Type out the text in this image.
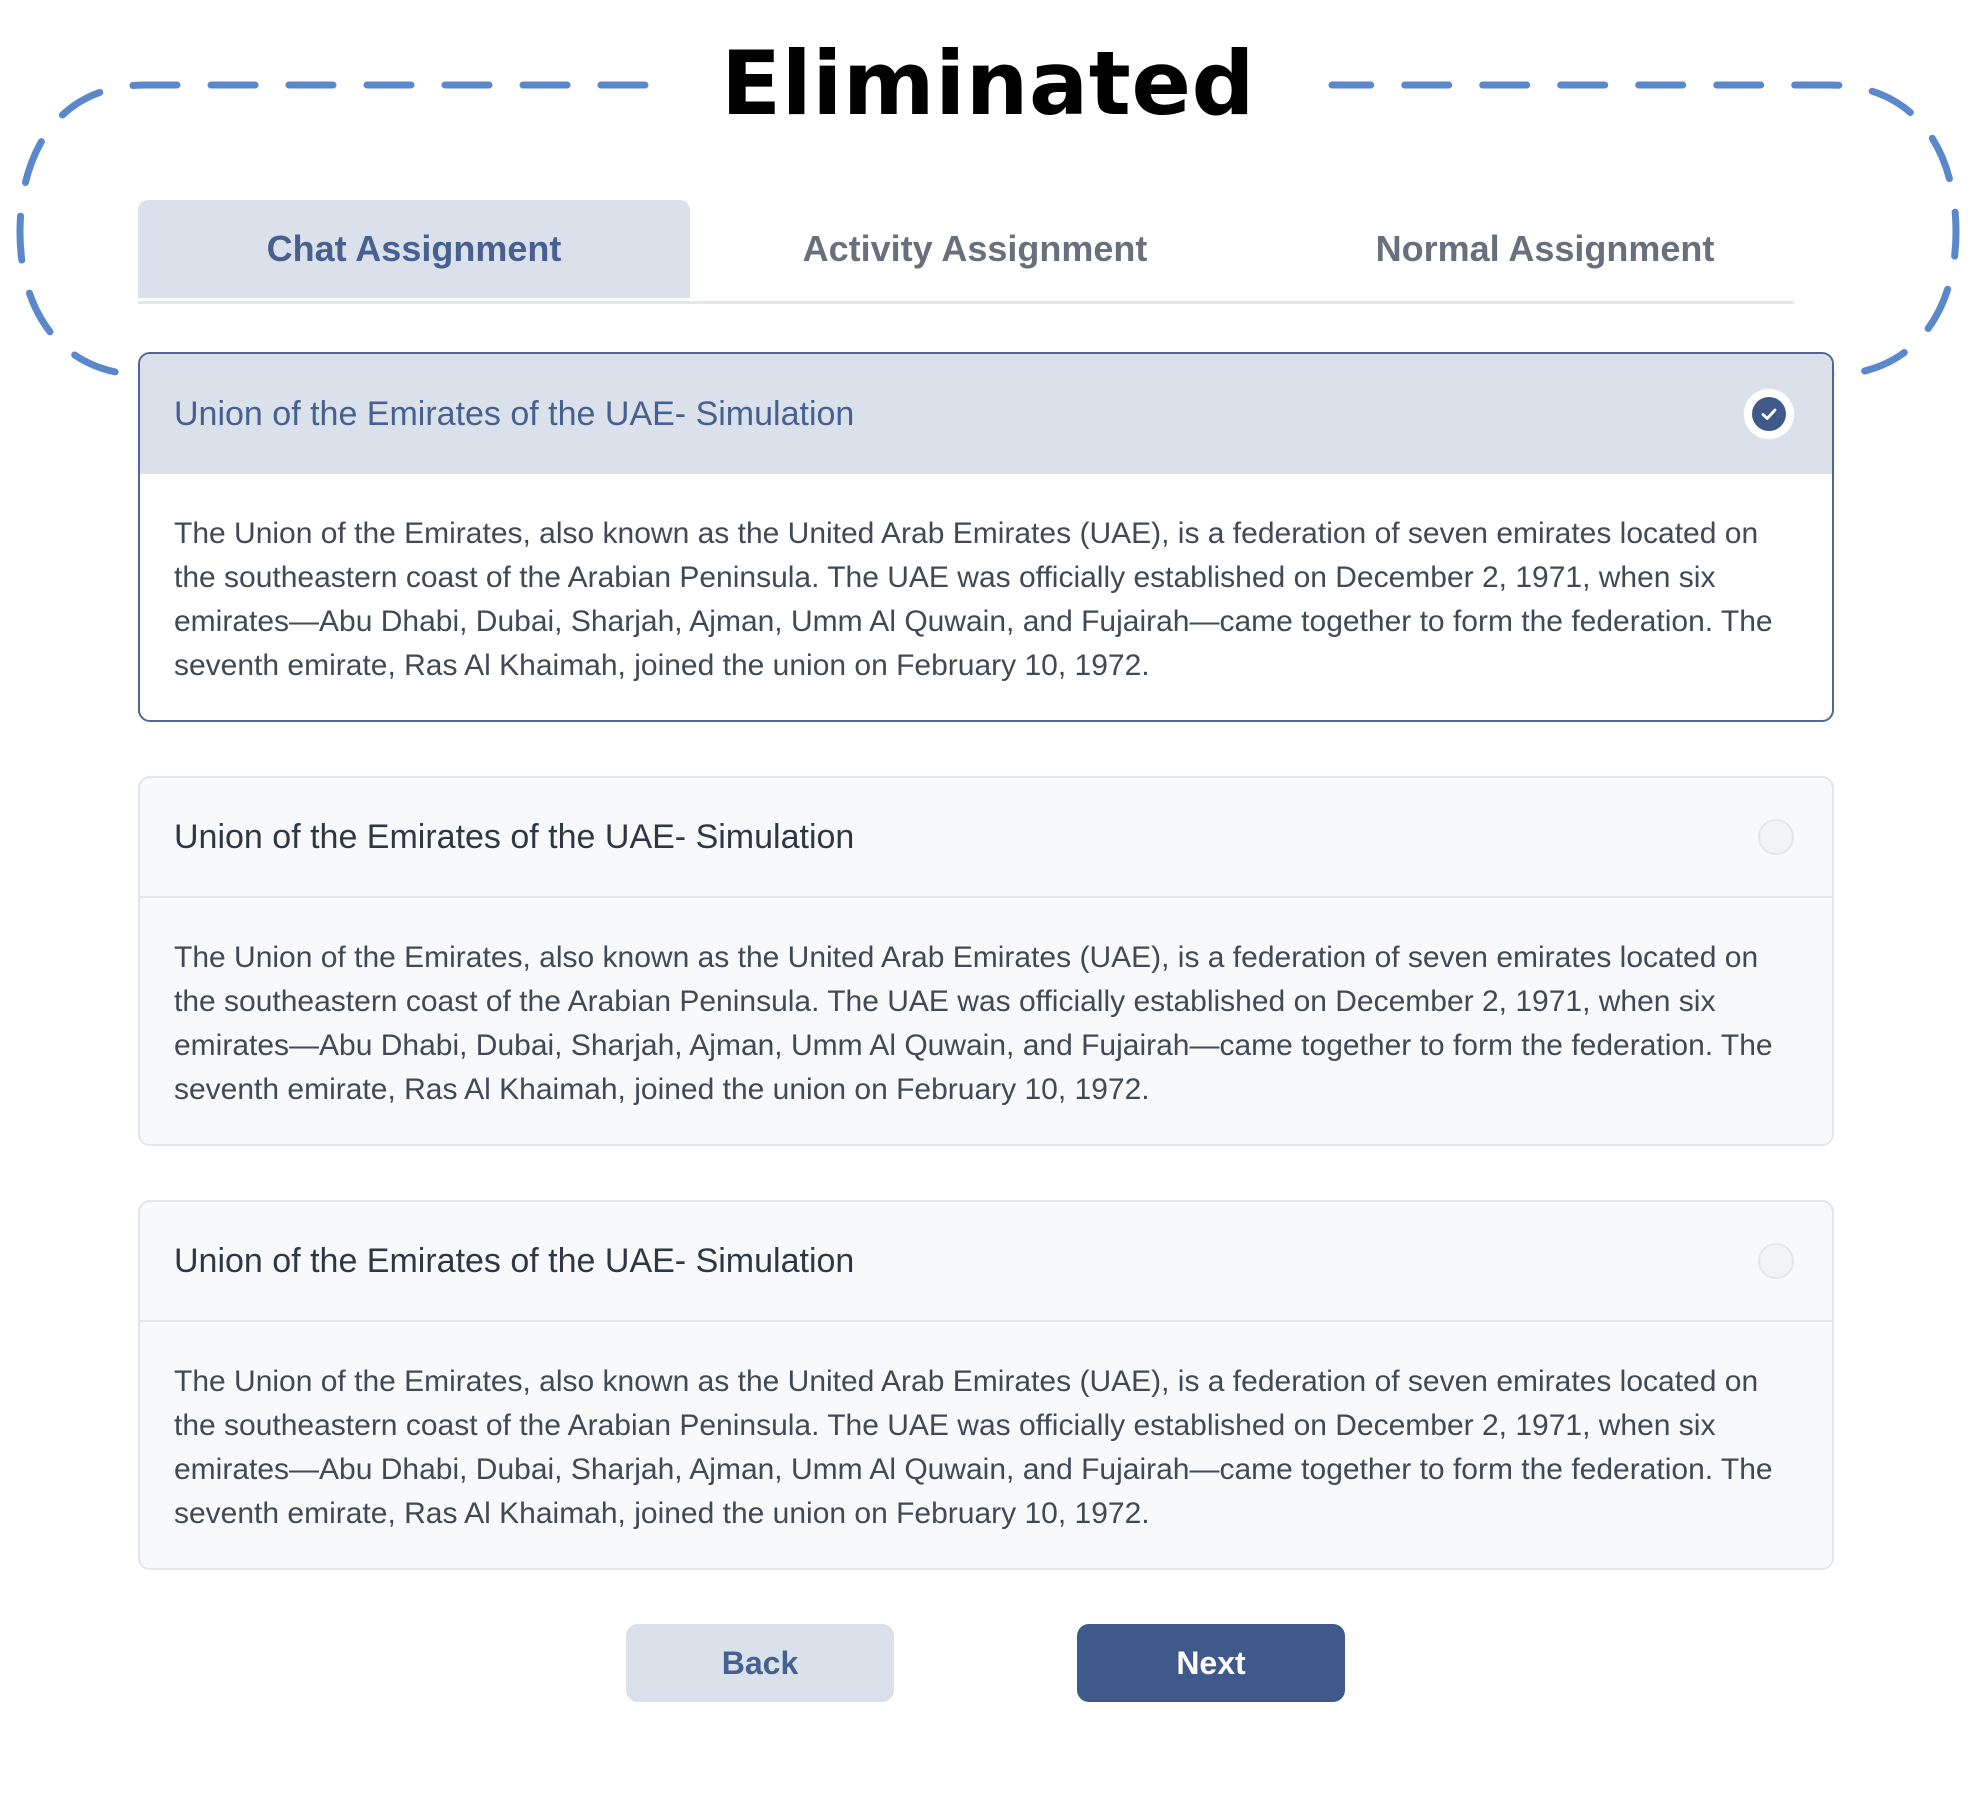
Eliminated
Chat Assignment	Activity Assignment	Normal Assignment
Union of the Emirates of the UAE- Simulation
The Union of the Emirates, also known as the United Arab Emirates (UAE), is a federation of seven emirates located on the southeastern coast of the Arabian Peninsula. The UAE was officially established on December 2, 1971, when six emirates—Abu Dhabi, Dubai, Sharjah, Ajman, Umm Al Quwain, and Fujairah—came together to form the federation. The seventh emirate, Ras Al Khaimah, joined the union on February 10, 1972.
Union of the Emirates of the UAE- Simulation
The Union of the Emirates, also known as the United Arab Emirates (UAE), is a federation of seven emirates located on the southeastern coast of the Arabian Peninsula. The UAE was officially established on December 2, 1971, when six emirates—Abu Dhabi, Dubai, Sharjah, Ajman, Umm Al Quwain, and Fujairah—came together to form the federation. The seventh emirate, Ras Al Khaimah, joined the union on February 10, 1972.
Union of the Emirates of the UAE- Simulation
The Union of the Emirates, also known as the United Arab Emirates (UAE), is a federation of seven emirates located on the southeastern coast of the Arabian Peninsula. The UAE was officially established on December 2, 1971, when six emirates—Abu Dhabi, Dubai, Sharjah, Ajman, Umm Al Quwain, and Fujairah—came together to form the federation. The seventh emirate, Ras Al Khaimah, joined the union on February 10, 1972.
Back	Next
